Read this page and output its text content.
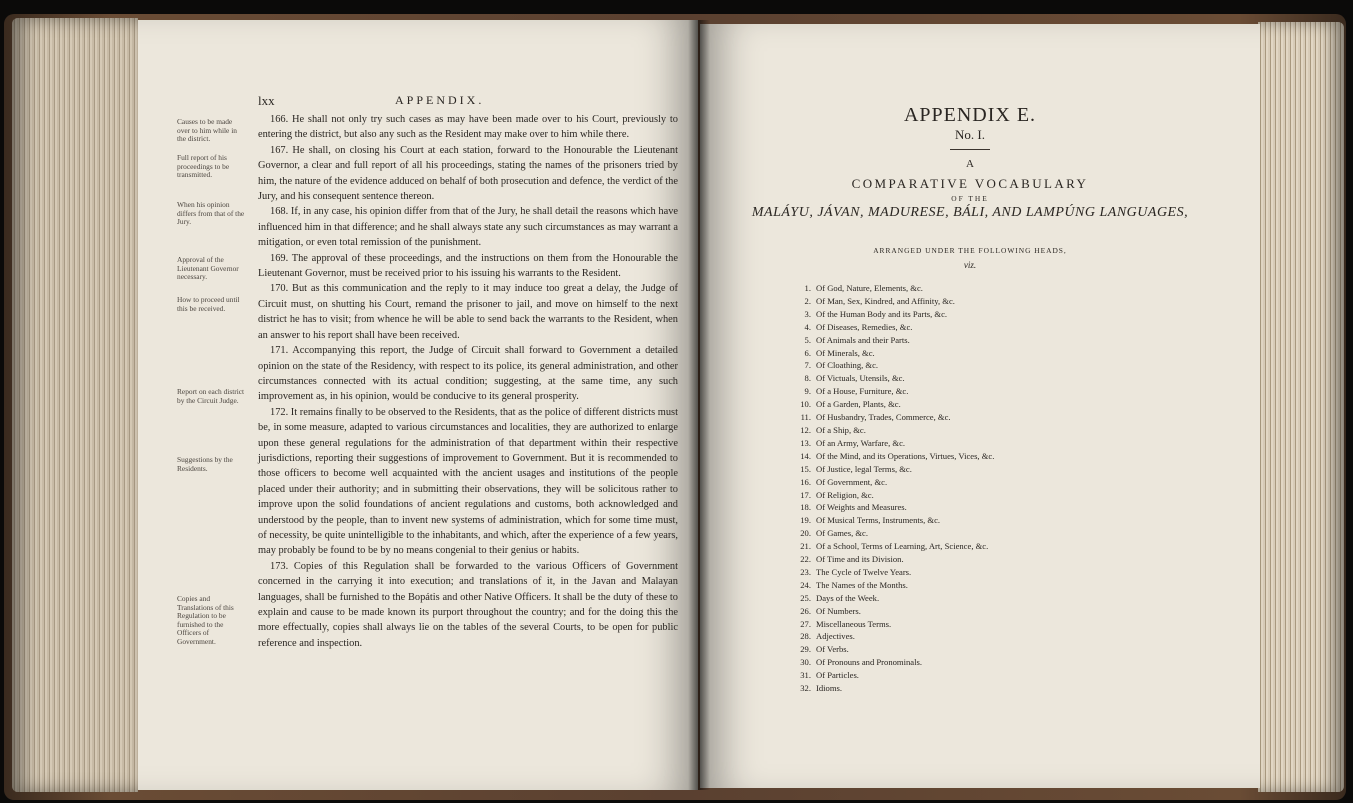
lxx	APPENDIX.
Causes to be made over to him while in the district.
Full report of his proceedings to be transmitted.
When his opinion differs from that of the Jury.
Approval of the Lieutenant Governor necessary.
How to proceed until this be received.
Report on each district by the Circuit Judge.
Suggestions by the Residents.
Copies and Translations of this Regulation to be furnished to the Officers of Government.

166. He shall not only try such cases as may have been made over to his Court, previously to entering the district, but also any such as the Resident may make over to him while there.

167. He shall, on closing his Court at each station, forward to the Honourable the Lieutenant Governor, a clear and full report of all his proceedings, stating the names of the prisoners tried by him, the nature of the evidence adduced on behalf of both prosecution and defence, the verdict of the Jury, and his consequent sentence thereon.

168. If, in any case, his opinion differ from that of the Jury, he shall detail the reasons which have influenced him in that difference; and he shall always state any such circumstances as may warrant a mitigation, or even total remission of the punishment.

169. The approval of these proceedings, and the instructions on them from the Honourable the Lieutenant Governor, must be received prior to his issuing his warrants to the Resident.

170. But as this communication and the reply to it may induce too great a delay, the Judge of Circuit must, on shutting his Court, remand the prisoner to jail, and move on himself to the next district he has to visit; from whence he will be able to send back the warrants to the Resident, when an answer to his report shall have been received.

171. Accompanying this report, the Judge of Circuit shall forward to Government a detailed opinion on the state of the Residency, with respect to its police, its general administration, and other circumstances connected with its actual condition; suggesting, at the same time, any such improvement as, in his opinion, would be conducive to its general prosperity.

172. It remains finally to be observed to the Residents, that as the police of different districts must be, in some measure, adapted to various circumstances and localities, they are authorized to enlarge upon these general regulations for the administration of that department within their respective jurisdictions, reporting their suggestions of improvement to Government. But it is recommended to those officers to become well acquainted with the ancient usages and institutions of the people placed under their authority; and in submitting their observations, they will be solicitous rather to improve upon the solid foundations of ancient regulations and customs, both acknowledged and understood by the people, than to invent new systems of administration, which for some time must, of necessity, be quite unintelligible to the inhabitants, and which, after the experience of a few years, may probably be found to be by no means congenial to their genius or habits.

173. Copies of this Regulation shall be forwarded to the various Officers of Government concerned in the carrying it into execution; and translations of it, in the Javan and Malayan languages, shall be furnished to the Bopátis and other Native Officers. It shall be the duty of these to explain and cause to be made known its purport throughout the country; and for the doing this the more effectually, copies shall always lie on the tables of the several Courts, to be open for public reference and inspection.

APPENDIX E.
No. I.
A
COMPARATIVE VOCABULARY
OF THE
MALÁYU, JÁVAN, MADURESE, BÁLI, AND LAMPÚNG LANGUAGES,
ARRANGED UNDER THE FOLLOWING HEADS,
viz.
1. Of God, Nature, Elements, &c.
2. Of Man, Sex, Kindred, and Affinity, &c.
3. Of the Human Body and its Parts, &c.
4. Of Diseases, Remedies, &c.
5. Of Animals and their Parts.
6. Of Minerals, &c.
7. Of Cloathing, &c.
8. Of Victuals, Utensils, &c.
9. Of a House, Furniture, &c.
10. Of a Garden, Plants, &c.
11. Of Husbandry, Trades, Commerce, &c.
12. Of a Ship, &c.
13. Of an Army, Warfare, &c.
14. Of the Mind, and its Operations, Virtues, Vices, &c.
15. Of Justice, legal Terms, &c.
16. Of Government, &c.
17. Of Religion, &c.
18. Of Weights and Measures.
19. Of Musical Terms, Instruments, &c.
20. Of Games, &c.
21. Of a School, Terms of Learning, Art, Science, &c.
22. Of Time and its Division.
23. The Cycle of Twelve Years.
24. The Names of the Months.
25. Days of the Week.
26. Of Numbers.
27. Miscellaneous Terms.
28. Adjectives.
29. Of Verbs.
30. Of Pronouns and Pronominals.
31. Of Particles.
32. Idioms.
